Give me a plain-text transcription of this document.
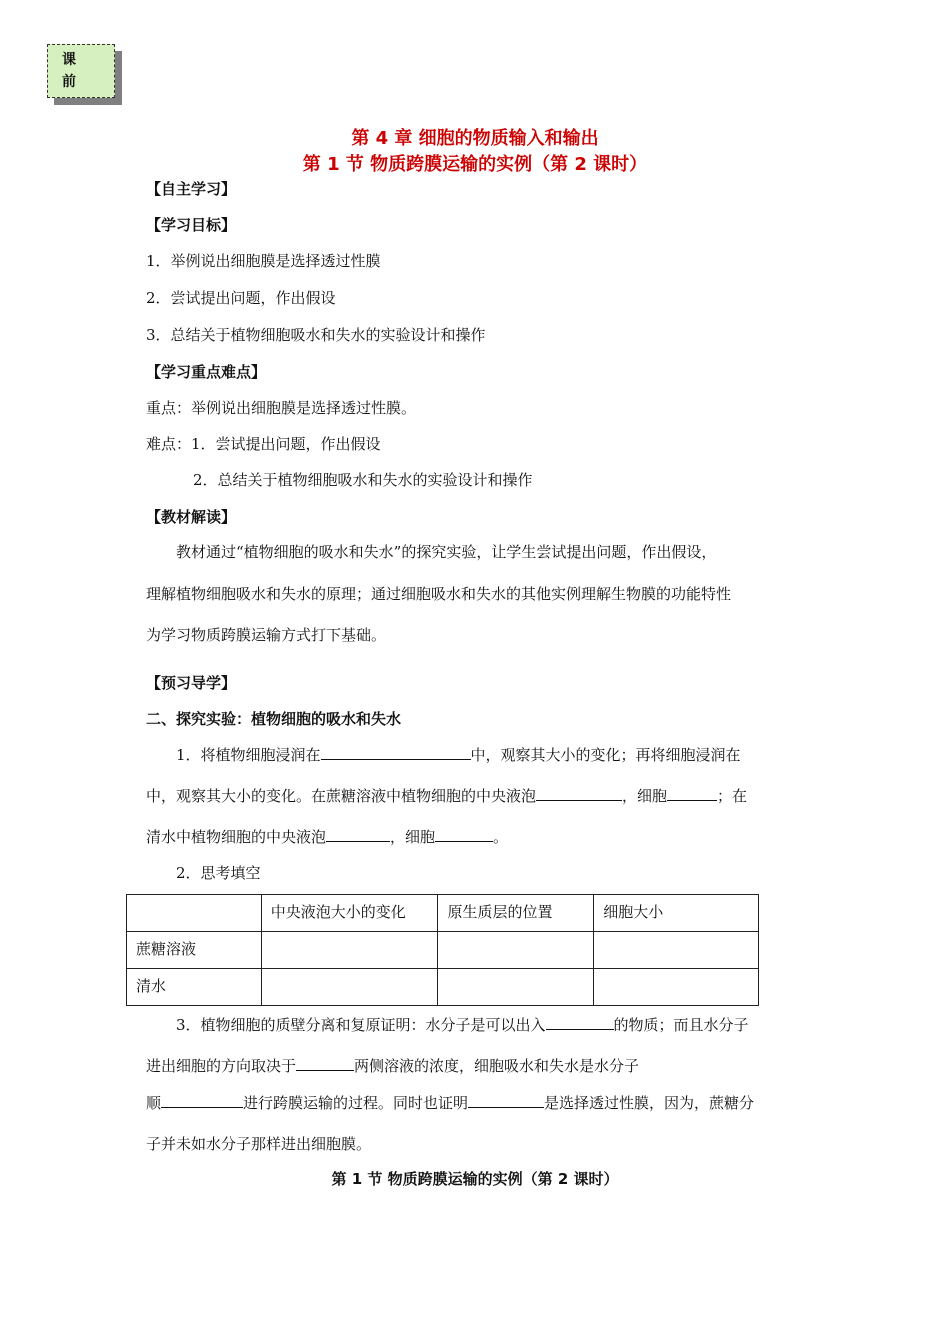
课
前
第 4 章 细胞的物质输入和输出
第 1 节 物质跨膜运输的实例（第 2 课时）
【自主学习】
【学习目标】
1．举例说出细胞膜是选择透过性膜
2．尝试提出问题，作出假设
3．总结关于植物细胞吸水和失水的实验设计和操作
【学习重点难点】
重点：举例说出细胞膜是选择透过性膜。
难点：1．尝试提出问题，作出假设
2．总结关于植物细胞吸水和失水的实验设计和操作
【教材解读】
教材通过“植物细胞的吸水和失水”的探究实验，让学生尝试提出问题，作出假设，
理解植物细胞吸水和失水的原理；通过细胞吸水和失水的其他实例理解生物膜的功能特性
为学习物质跨膜运输方式打下基础。
【预习导学】
二、探究实验：植物细胞的吸水和失水
1．将植物细胞浸润在	中，观察其大小的变化；再将细胞浸润在
中，观察其大小的变化。在蔗糖溶液中植物细胞的中央液泡	，细胞	；在
清水中植物细胞的中央液泡	，细胞	。
2．思考填空
	中央液泡大小的变化	原生质层的位置	细胞大小
蔗糖溶液			
清水			
3．植物细胞的质壁分离和复原证明：水分子是可以出入	的物质；而且水分子
进出细胞的方向取决于	两侧溶液的浓度，细胞吸水和失水是水分子
顺	进行跨膜运输的过程。同时也证明	是选择透过性膜，因为，蔗糖分
子并未如水分子那样进出细胞膜。
第 1 节 物质跨膜运输的实例（第 2 课时）
